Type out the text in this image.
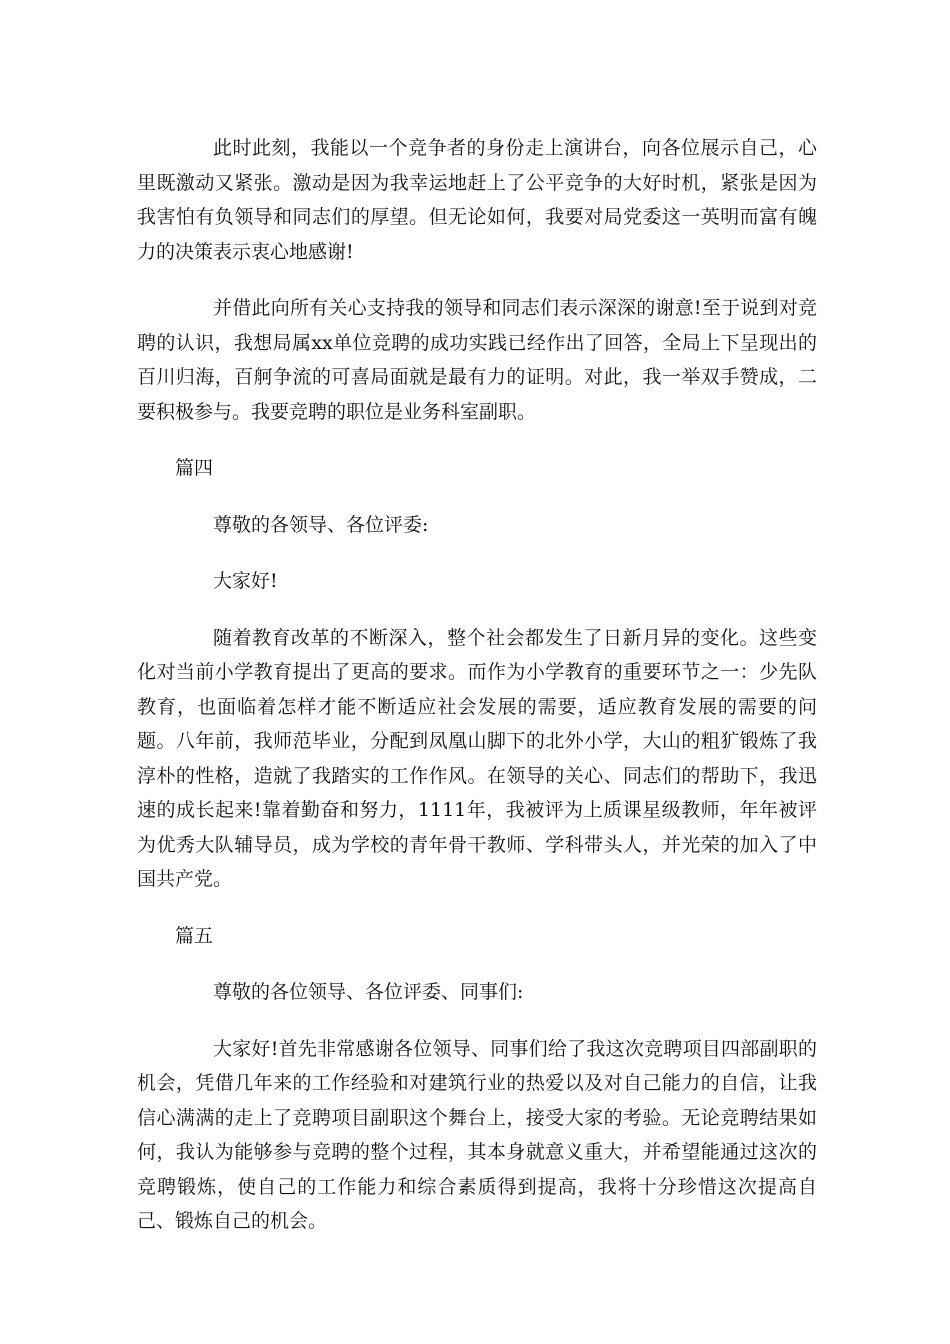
此时此刻，我能以一个竞争者的身份走上演讲台，向各位展示自己，心里既激动又紧张。激动是因为我幸运地赶上了公平竞争的大好时机，紧张是因为我害怕有负领导和同志们的厚望。但无论如何，我要对局党委这一英明而富有魄力的决策表示衷心地感谢!

并借此向所有关心支持我的领导和同志们表示深深的谢意!至于说到对竞聘的认识，我想局属xx单位竞聘的成功实践已经作出了回答，全局上下呈现出的百川归海，百舸争流的可喜局面就是最有力的证明。对此，我一举双手赞成，二要积极参与。我要竞聘的职位是业务科室副职。

篇四

尊敬的各领导、各位评委:

大家好!

随着教育改革的不断深入，整个社会都发生了日新月异的变化。这些变化对当前小学教育提出了更高的要求。而作为小学教育的重要环节之一：少先队教育，也面临着怎样才能不断适应社会发展的需要，适应教育发展的需要的问题。八年前，我师范毕业，分配到凤凰山脚下的北外小学，大山的粗犷锻炼了我淳朴的性格，造就了我踏实的工作作风。在领导的关心、同志们的帮助下，我迅速的成长起来!靠着勤奋和努力，1111年，我被评为上质课星级教师，年年被评为优秀大队辅导员，成为学校的青年骨干教师、学科带头人，并光荣的加入了中国共产党。

篇五

尊敬的各位领导、各位评委、同事们:

大家好!首先非常感谢各位领导、同事们给了我这次竞聘项目四部副职的机会，凭借几年来的工作经验和对建筑行业的热爱以及对自己能力的自信，让我信心满满的走上了竞聘项目副职这个舞台上，接受大家的考验。无论竞聘结果如何，我认为能够参与竞聘的整个过程，其本身就意义重大，并希望能通过这次的竞聘锻炼，使自己的工作能力和综合素质得到提高，我将十分珍惜这次提高自己、锻炼自己的机会。
